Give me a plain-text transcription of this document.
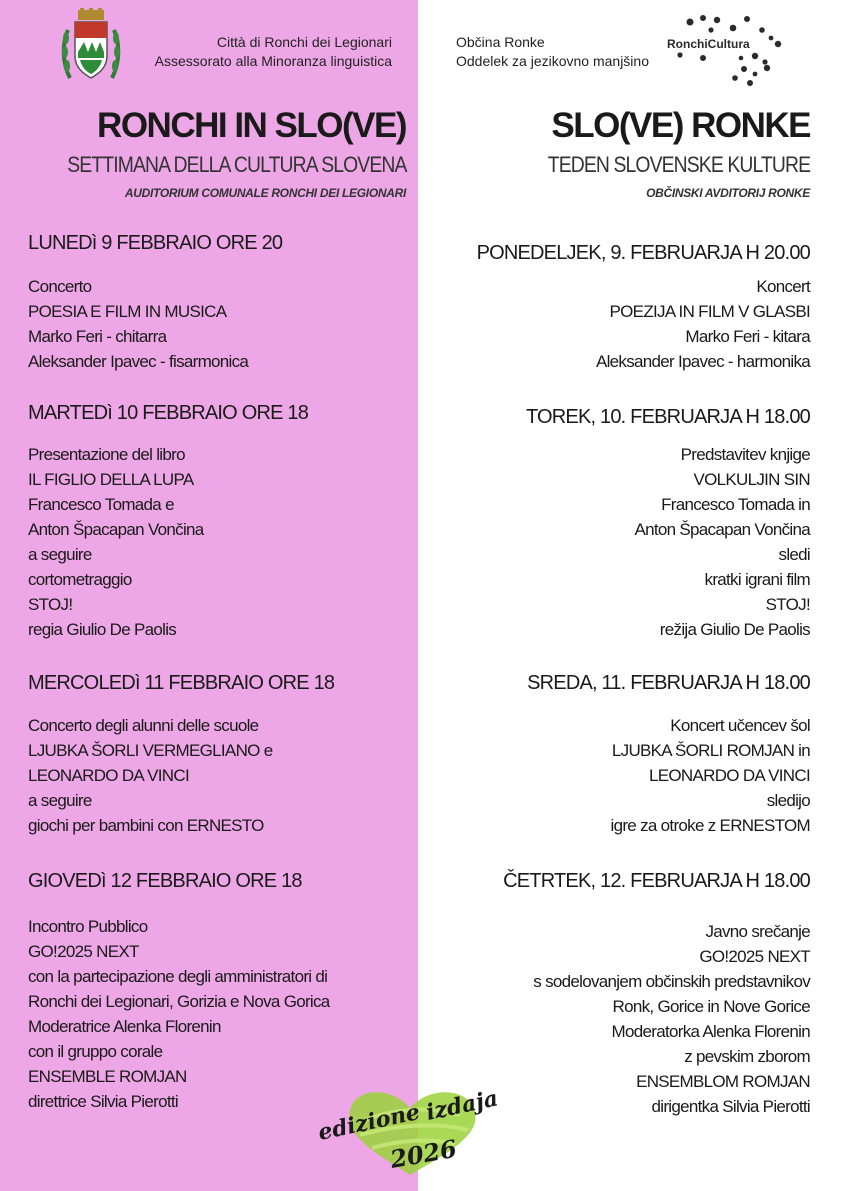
Città di Ronchi dei Legionari
Assessorato alla Minoranza linguistica
Občina Ronke
Oddelek za jezikovno manjšino
RonchiCultura
RONCHI IN SLO(VE)
SETTIMANA DELLA CULTURA SLOVENA
AUDITORIUM COMUNALE RONCHI DEI LEGIONARI
SLO(VE) RONKE
TEDEN SLOVENSKE KULTURE
OBČINSKI AVDITORIJ RONKE
LUNEDì 9 FEBBRAIO ORE 20
Concerto
POESIA E FILM IN MUSICA
Marko Feri - chitarra
Aleksander Ipavec - fisarmonica
MARTEDì 10 FEBBRAIO ORE 18
Presentazione del libro
IL FIGLIO DELLA LUPA
Francesco Tomada e
Anton Špacapan Vončina
a seguire
cortometraggio
STOJ!
regia Giulio De Paolis
MERCOLEDì 11 FEBBRAIO ORE 18
Concerto degli alunni delle scuole
LJUBKA ŠORLI VERMEGLIANO e
LEONARDO DA VINCI
a seguire
giochi per bambini con ERNESTO
GIOVEDì 12 FEBBRAIO ORE 18
Incontro Pubblico
GO!2025 NEXT
con la partecipazione degli amministratori di
Ronchi dei Legionari, Gorizia e Nova Gorica
Moderatrice Alenka Florenin
con il gruppo corale
ENSEMBLE ROMJAN
direttrice Silvia Pierotti
PONEDELJEK, 9. FEBRUARJA H 20.00
Koncert
POEZIJA IN FILM V GLASBI
Marko Feri - kitara
Aleksander Ipavec - harmonika
TOREK, 10. FEBRUARJA H 18.00
Predstavitev knjige
VOLKULJIN SIN
Francesco Tomada in
Anton Špacapan Vončina
sledi
kratki igrani film
STOJ!
režija Giulio De Paolis
SREDA, 11. FEBRUARJA H 18.00
Koncert učencev šol
LJUBKA ŠORLI ROMJAN in
LEONARDO DA VINCI
sledijo
igre za otroke z ERNESTOM
ČETRTEK, 12. FEBRUARJA H 18.00
Javno srečanje
GO!2025 NEXT
s sodelovanjem občinskih predstavnikov
Ronk, Gorice in Nove Gorice
Moderatorka Alenka Florenin
z pevskim zborom
ENSEMBLOM ROMJAN
dirigentka Silvia Pierotti
edizione izdaja
2026
